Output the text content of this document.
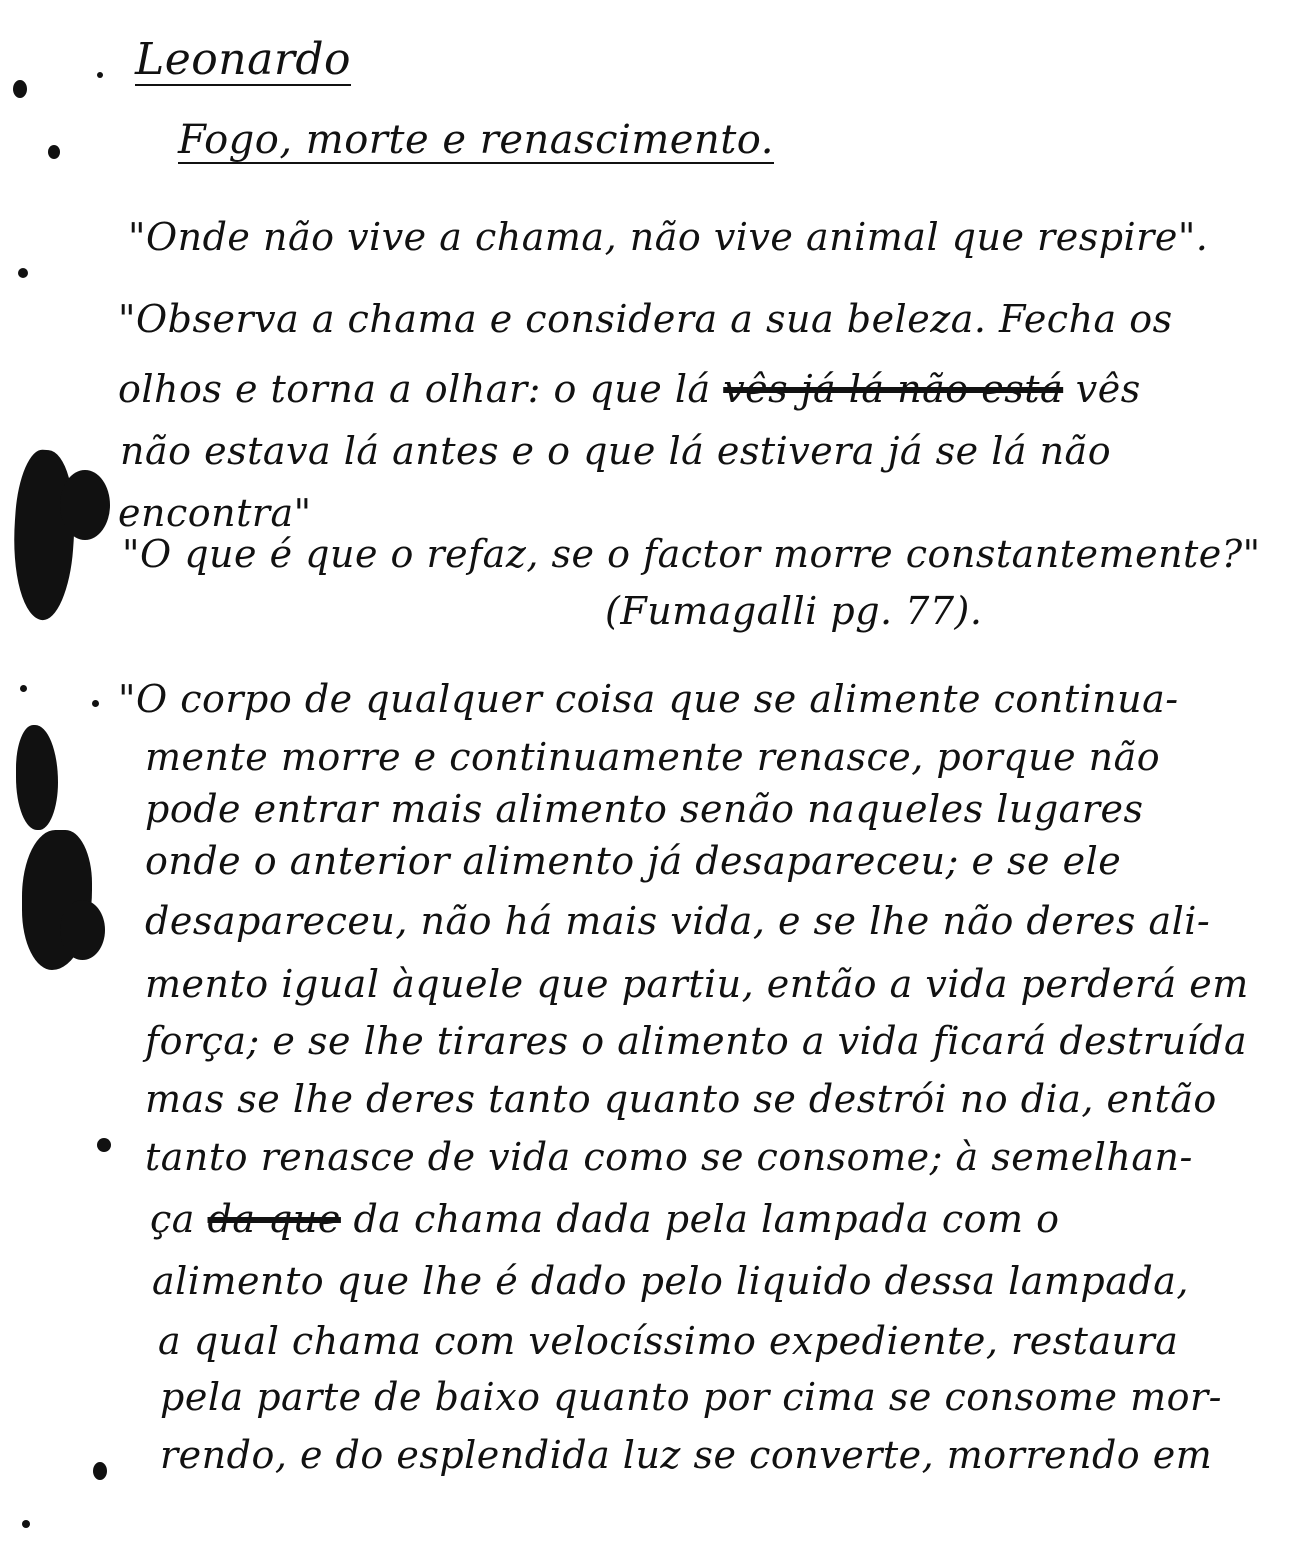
Leonardo
Fogo, morte e renascimento.
"Onde não vive a chama, não vive animal que respire".
"Observa a chama e considera a sua beleza. Fecha os
olhos e torna a olhar: o que lá vês já lá não está vês
não estava lá antes e o que lá estivera já se lá não
encontra"
"O que é que o refaz, se o factor morre constantemente?"
(Fumagalli pg. 77).
"O corpo de qualquer coisa que se alimente continua-
mente morre e continuamente renasce, porque não
pode entrar mais alimento senão naqueles lugares
onde o anterior alimento já desapareceu; e se ele
desapareceu, não há mais vida, e se lhe não deres ali-
mento igual àquele que partiu, então a vida perderá em
força; e se lhe tirares o alimento a vida ficará destruída
mas se lhe deres tanto quanto se destrói no dia, então
tanto renasce de vida como se consome; à semelhan-
ça da que da chama dada pela lampada com o
alimento que lhe é dado pelo liquido dessa lampada,
a qual chama com velocíssimo expediente, restaura
pela parte de baixo quanto por cima se consome mor-
rendo, e do esplendida luz se converte, morrendo em
